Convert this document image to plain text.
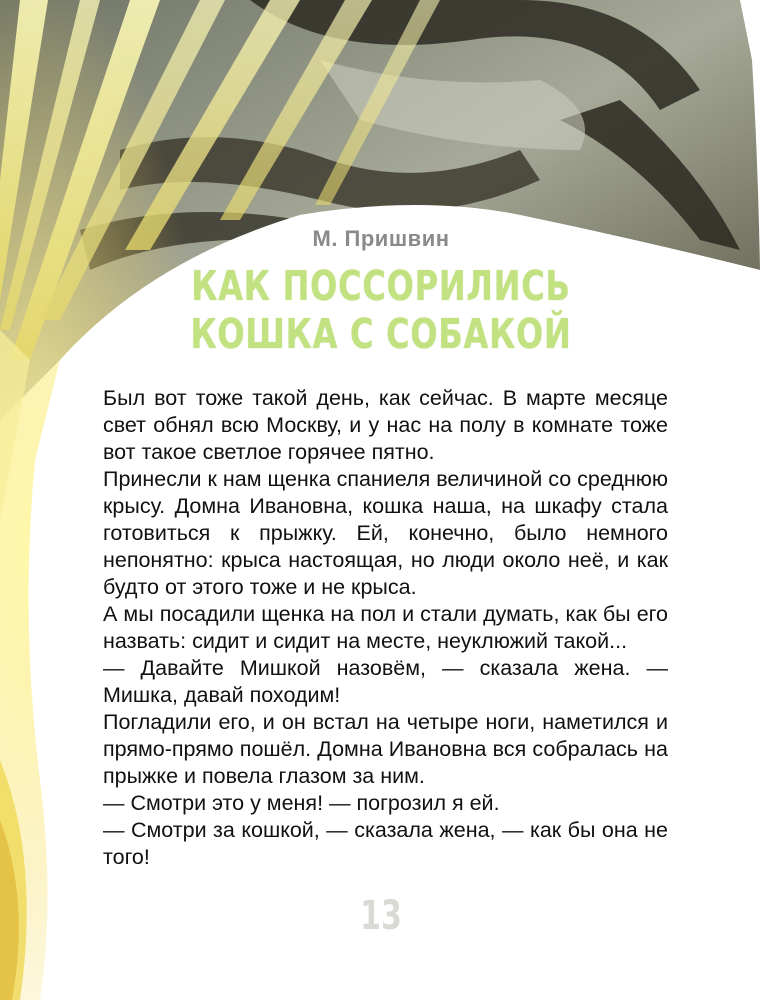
М. Пришвин
КАК ПОССОРИЛИСЬ
КОШКА С СОБАКОЙ

Был вот тоже такой день, как сейчас. В марте месяце свет обнял всю Москву, и у нас на полу в комнате тоже вот такое светлое горячее пятно.

Принесли к нам щенка спаниеля величиной со среднюю крысу. Домна Ивановна, кошка наша, на шкафу стала готовиться к прыжку. Ей, конечно, было немного непонятно: крыса настоящая, но люди около неё, и как будто от этого тоже и не крыса.

А мы посадили щенка на пол и стали думать, как бы его назвать: сидит и сидит на месте, неуклюжий такой...

— Давайте Мишкой назовём, — сказала жена. — Мишка, давай походим!

Погладили его, и он встал на четыре ноги, наметился и прямо-прямо пошёл. Домна Ивановна вся собралась на прыжке и повела глазом за ним.

— Смотри это у меня! — погрозил я ей.

— Смотри за кошкой, — сказала жена, — как бы она не того!

13
